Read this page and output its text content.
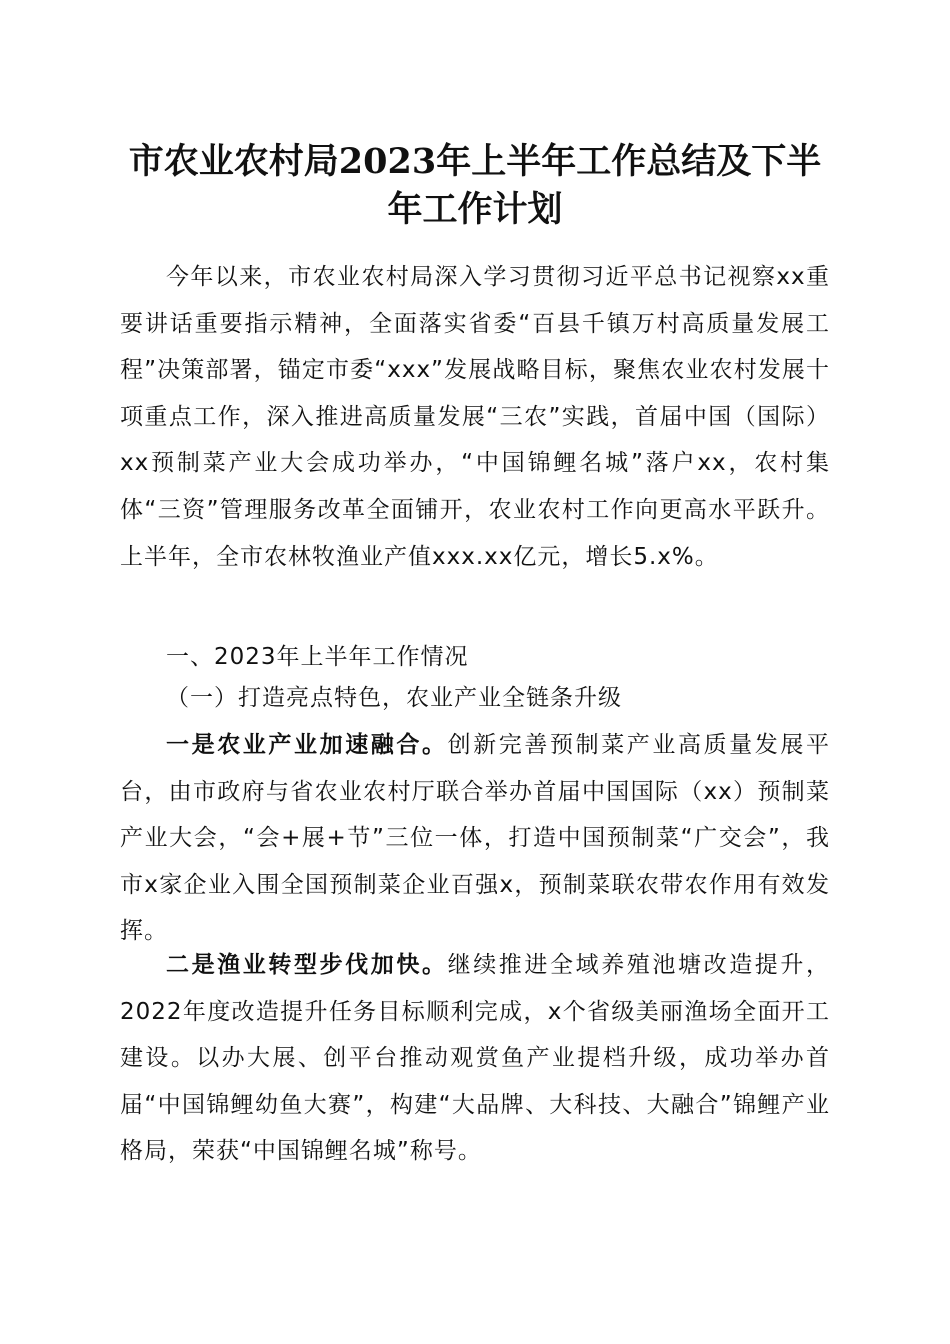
市农业农村局2023年上半年工作总结及下半
年工作计划

今年以来，市农业农村局深入学习贯彻习近平总书记视察xx重要讲话重要指示精神，全面落实省委“百县千镇万村高质量发展工程”决策部署，锚定市委“xxx”发展战略目标，聚焦农业农村发展十项重点工作，深入推进高质量发展“三农”实践，首届中国（国际）xx预制菜产业大会成功举办，“中国锦鲤名城”落户xx，农村集体“三资”管理服务改革全面铺开，农业农村工作向更高水平跃升。上半年，全市农林牧渔业产值xxx.xx亿元，增长5.x%。

一、2023年上半年工作情况

（一）打造亮点特色，农业产业全链条升级

一是农业产业加速融合。创新完善预制菜产业高质量发展平台，由市政府与省农业农村厅联合举办首届中国国际（xx）预制菜产业大会，“会+展+节”三位一体，打造中国预制菜“广交会”，我市x家企业入围全国预制菜企业百强x，预制菜联农带农作用有效发挥。

二是渔业转型步伐加快。继续推进全域养殖池塘改造提升，2022年度改造提升任务目标顺利完成，x个省级美丽渔场全面开工建设。以办大展、创平台推动观赏鱼产业提档升级，成功举办首届“中国锦鲤幼鱼大赛”，构建“大品牌、大科技、大融合”锦鲤产业格局，荣获“中国锦鲤名城”称号。
